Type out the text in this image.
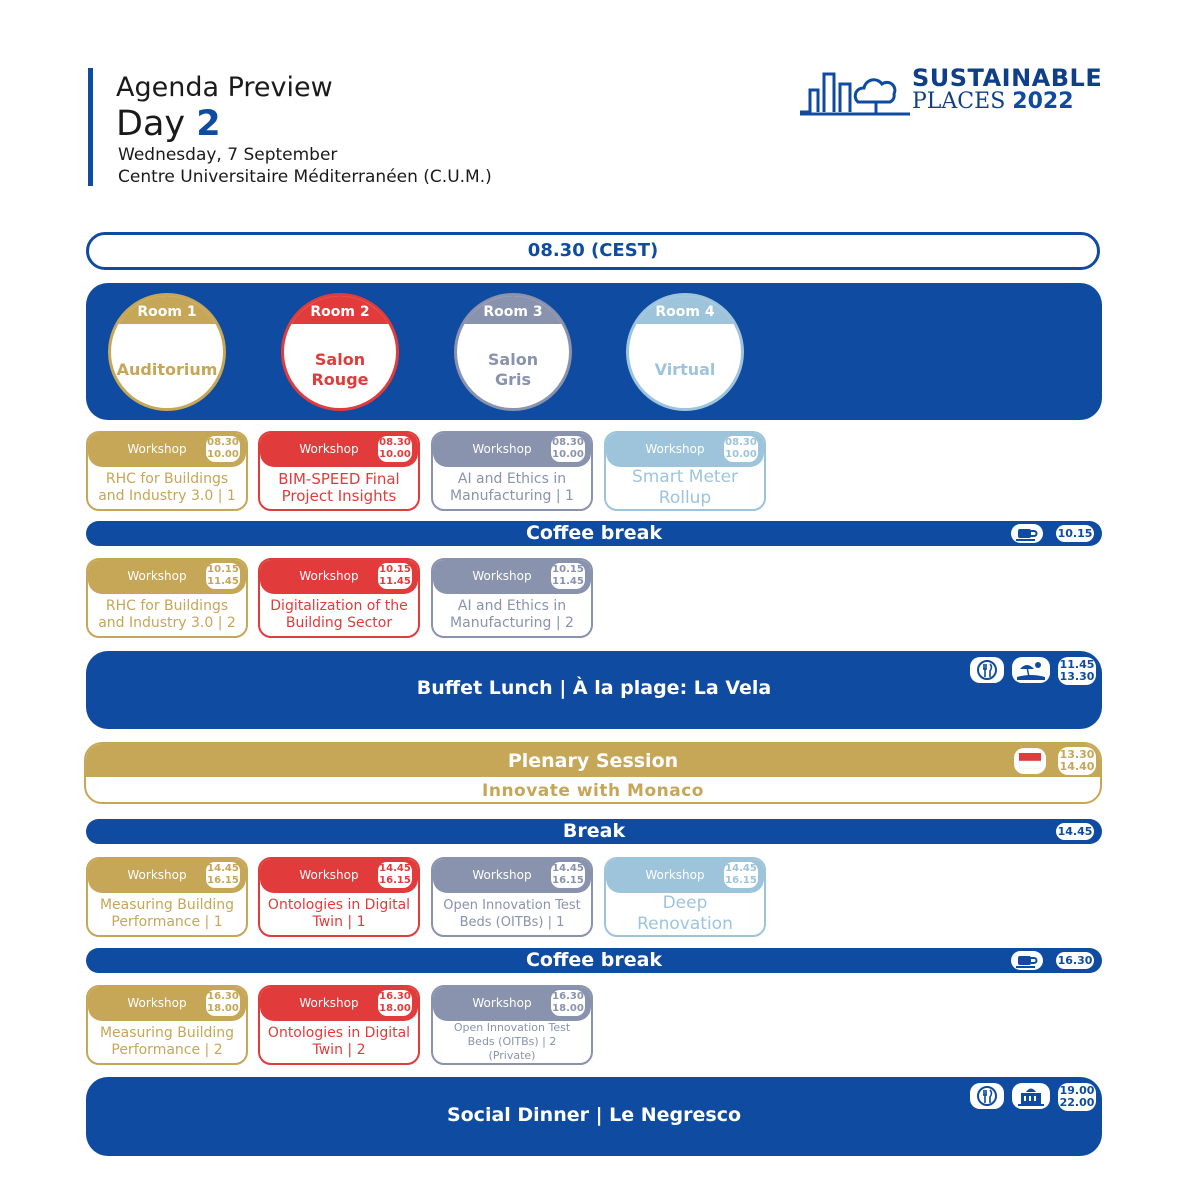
Agenda Preview
Day 2
Wednesday, 7 September
Centre Universitaire Méditerranéen (C.U.M.)
SUSTAINABLE
PLACES 2022
08.30 (CEST)
Room 1
Auditorium
Room 2
Salon Rouge
Room 3
Salon Gris
Room 4
Virtual
Workshop	08.30
10.00
RHC for Buildings and Industry 3.0 | 1
Workshop	08.30
10.00
BIM-SPEED Final Project Insights
Workshop	08.30
10.00
AI and Ethics in Manufacturing | 1
Workshop	08.30
10.00
Smart Meter Rollup
Coffee break	10.15
Workshop	10.15
11.45
RHC for Buildings and Industry 3.0 | 2
Workshop	10.15
11.45
Digitalization of the Building Sector
Workshop	10.15
11.45
AI and Ethics in Manufacturing | 2
Buffet Lunch | À la plage: La Vela
11.45
13.30
Plenary Session
Innovate with Monaco
13.30
14.40
Break	14.45
Workshop	14.45
16.15
Measuring Building Performance | 1
Workshop	14.45
16.15
Ontologies in Digital Twin | 1
Workshop	14.45
16.15
Open Innovation Test Beds (OITBs) | 1
Workshop	14.45
16.15
Deep Renovation
Coffee break	16.30
Workshop	16.30
18.00
Measuring Building Performance | 2
Workshop	16.30
18.00
Ontologies in Digital Twin | 2
Workshop	16.30
18.00
Open Innovation Test Beds (OITBs) | 2 (Private)
Social Dinner | Le Negresco
19.00
22.00
